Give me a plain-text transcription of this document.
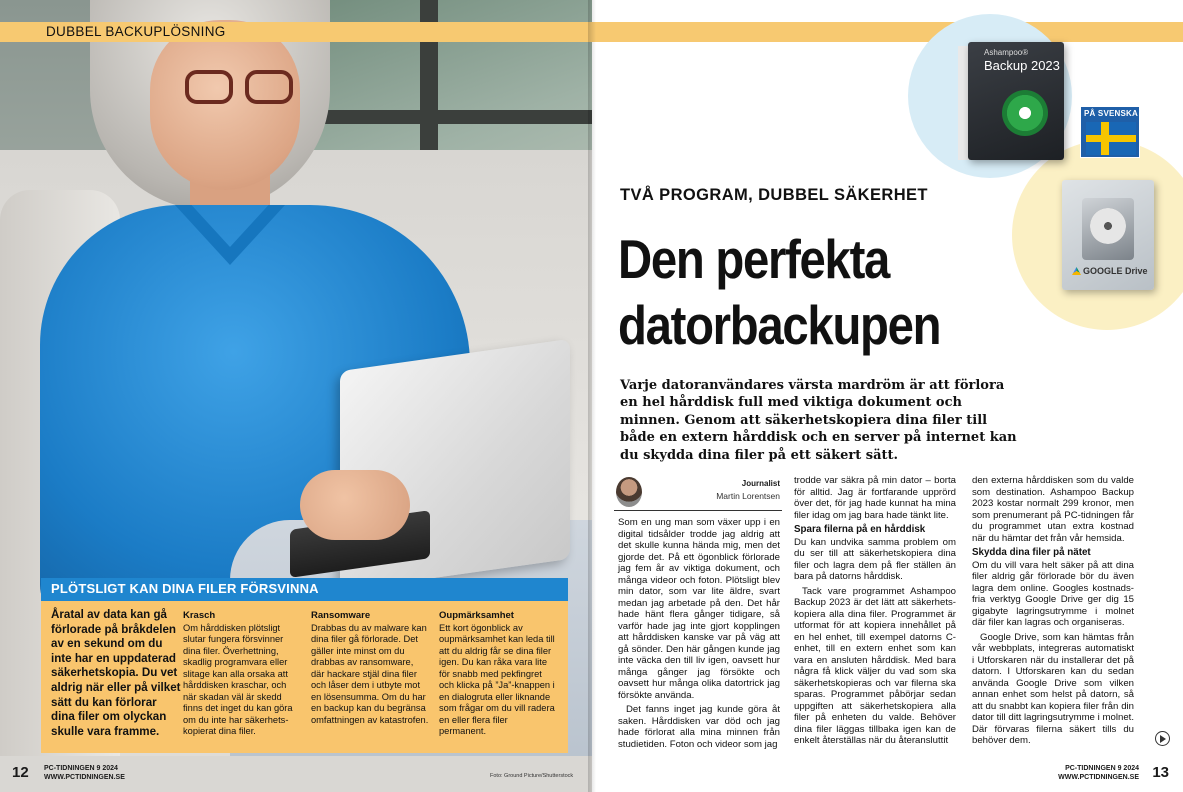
DUBBEL BACKUPLÖSNING
PLÖTSLIGT KAN DINA FILER FÖRSVINNA
Åratal av data kan gå förlorade på bråkdelen av en sekund om du inte har en uppdaterad säkerhetskopia. Du vet aldrig när eller på vilket sätt du kan förlorar dina filer om olyckan skulle vara framme.
Krasch
Om hårddisken plötsligt slutar fungera försvinner dina filer. Överhettning, skadlig programvara eller slitage kan alla orsaka att hårddisken kraschar, och när skadan väl är skedd finns det inget du kan göra om du inte har säkerhetskopierat dina filer.
Ransomware
Drabbas du av malware kan dina filer gå förlorade. Det gäller inte minst om du drabbas av ransomware, där hackare stjäl dina filer och låser dem i utbyte mot en lösensumma. Om du har en backup kan du begränsa omfattningen av katastrofen.
Oupmärksamhet
Ett kort ögonblick av oupmärksamhet kan leda till att du aldrig får se dina filer igen. Du kan råka vara lite för snabb med pekfingret och klicka på ”Ja”-knappen i en dialogruta eller liknande som frågar om du vill radera en eller flera filer permanent.
12 PC-TIDNINGEN 9 2024
WWW.PCTIDNINGEN.SE	Foto: Ground Picture/Shutterstock
Ashampoo®
Backup 2023
PÅ SVENSKA
GOOGLE Drive
TVÅ PROGRAM, DUBBEL SÄKERHET
Den perfekta datorbackupen
Varje datoranvändares värsta mardröm är att förlora en hel hårddisk full med viktiga dokument och minnen. Genom att säkerhetskopiera dina filer till både en extern hårddisk och en server på internet kan du skydda dina filer på ett säkert sätt.
Journalist
Martin Lorentsen

Som en ung man som växer upp i en digital tidsålder trodde jag aldrig att det skulle kunna hända mig, men det gjorde det. På ett ögonblick förlorade jag fem år av viktiga dokument, och många videor och foton. Plötsligt blev min dator, som var lite äldre, svart medan jag arbetade på den. Det hår hade hänt flera gånger tidigare, så varför hade jag inte gjort kopplingen att hårddisken kanske var på väg att gå sönder. Den här gången kunde jag inte väcka den till liv igen, oavsett hur många gånger jag försökte och oavsett hur många olika datortrick jag försökte använda.

Det fanns inget jag kunde göra åt saken. Hårddisken var död och jag hade förlorat alla mina minnen från studietiden. Foton och videor som jag

trodde var säkra på min dator – borta för alltid. Jag är fortfarande upprörd över det, för jag hade kunnat ha mina filer idag om jag bara hade tänkt lite.

Spara filerna på en hårddisk

Du kan undvika samma problem om du ser till att säkerhetskopiera dina filer och lagra dem på fler ställen än bara på datorns hårddisk.

Tack vare programmet Ashampoo Backup 2023 är det lätt att säkerhetskopiera alla dina filer. Programmet är utformat för att kopiera innehållet på en hel enhet, till exempel datorns C-enhet, till en extern enhet som kan vara en ansluten hårddisk. Med bara några få klick väljer du vad som ska säkerhetskopieras och var filerna ska sparas. Programmet påbörjar sedan uppgiften att säkerhetskopiera alla filer på enheten du valde. Behöver dina filer läggas tillbaka igen kan de enkelt återställas när du återansluttit

den externa hårddisken som du valde som destination. Ashampoo Backup 2023 kostar normalt 299 kronor, men som prenumerant på PC-tidningen får du programmet utan extra kostnad när du hämtar det från vår hemsida.

Skydda dina filer på nätet

Om du vill vara helt säker på att dina filer aldrig går förlorade bör du även lagra dem online. Googles kostnadsfria verktyg Google Drive ger dig 15 gigabyte lagringsutrymme i molnet där filer kan lagras och organiseras.

Google Drive, som kan hämtas från vår webbplats, integreras automatiskt i Utforskaren när du installerar det på datorn. I Utforskaren kan du sedan använda Google Drive som vilken annan enhet som helst på datorn, så att du snabbt kan kopiera filer från din dator till ditt lagringsutrymme i molnet. Där förvaras filerna säkert tills du behöver dem.

PC-TIDNINGEN 9 2024
WWW.PCTIDNINGEN.SE 13
